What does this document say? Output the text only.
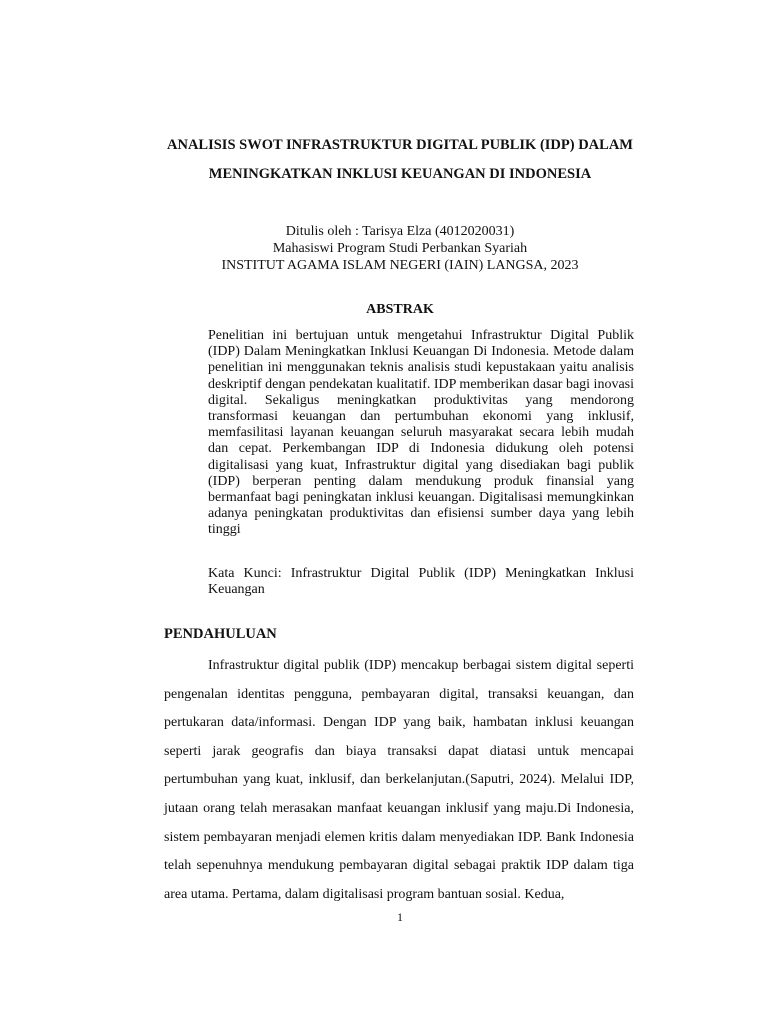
ANALISIS SWOT INFRASTRUKTUR DIGITAL PUBLIK (IDP) DALAM
MENINGKATKAN INKLUSI KEUANGAN DI INDONESIA
Ditulis oleh : Tarisya Elza (4012020031)
Mahasiswi Program Studi Perbankan Syariah
INSTITUT AGAMA ISLAM NEGERI (IAIN) LANGSA, 2023
ABSTRAK

Penelitian ini bertujuan untuk mengetahui Infrastruktur Digital Publik (IDP) Dalam Meningkatkan Inklusi Keuangan Di Indonesia. Metode dalam penelitian ini menggunakan teknis analisis studi kepustakaan yaitu analisis deskriptif dengan pendekatan kualitatif. IDP memberikan dasar bagi inovasi digital. Sekaligus meningkatkan produktivitas yang mendorong transformasi keuangan dan pertumbuhan ekonomi yang inklusif, memfasilitasi layanan keuangan seluruh masyarakat secara lebih mudah dan cepat. Perkembangan IDP di Indonesia didukung oleh potensi digitalisasi yang kuat, Infrastruktur digital yang disediakan bagi publik (IDP) berperan penting dalam mendukung produk finansial yang bermanfaat bagi peningkatan inklusi keuangan. Digitalisasi memungkinkan adanya peningkatan produktivitas dan efisiensi sumber daya yang lebih tinggi

Kata Kunci: Infrastruktur Digital Publik (IDP) Meningkatkan Inklusi Keuangan

PENDAHULUAN

Infrastruktur digital publik (IDP) mencakup berbagai sistem digital seperti pengenalan identitas pengguna, pembayaran digital, transaksi keuangan, dan pertukaran data/informasi. Dengan IDP yang baik, hambatan inklusi keuangan seperti jarak geografis dan biaya transaksi dapat diatasi untuk mencapai pertumbuhan yang kuat, inklusif, dan berkelanjutan.(Saputri, 2024). Melalui IDP, jutaan orang telah merasakan manfaat keuangan inklusif yang maju.Di Indonesia, sistem pembayaran menjadi elemen kritis dalam menyediakan IDP. Bank Indonesia telah sepenuhnya mendukung pembayaran digital sebagai praktik IDP dalam tiga area utama. Pertama, dalam digitalisasi program bantuan sosial. Kedua,

1
